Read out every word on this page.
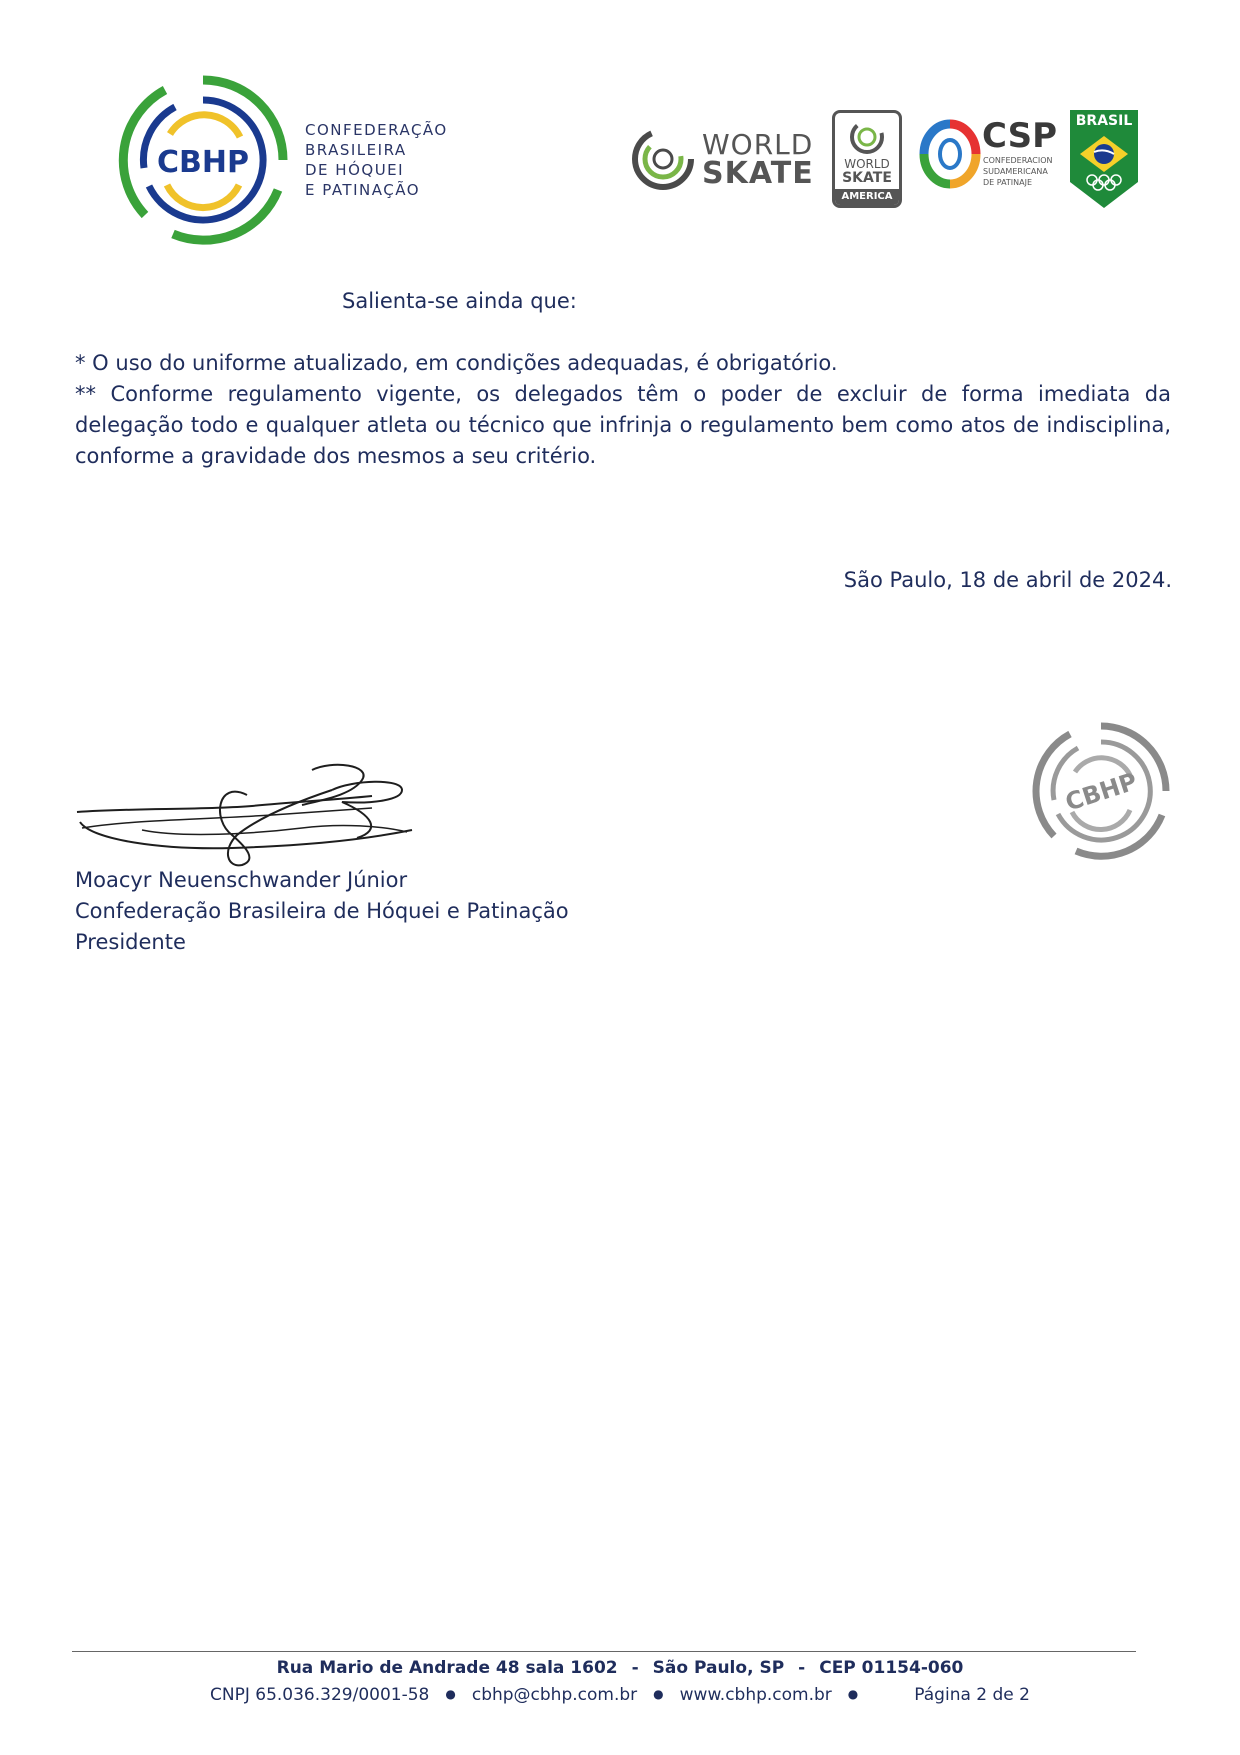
CBHP
CONFEDERAÇÃO
BRASILEIRA
DE HÓQUEI
E PATINAÇÃO
WORLD
SKATE	WORLD
SKATE
AMERICA
CSP
CONFEDERACION
SUDAMERICANA
DE PATINAJE
BRASIL
Salienta-se ainda que:
* O uso do uniforme atualizado, em condições adequadas, é obrigatório.
** Conforme regulamento vigente, os delegados têm o poder de excluir de forma imediata da delegação todo e qualquer atleta ou técnico que infrinja o regulamento bem como atos de indisciplina, conforme a gravidade dos mesmos a seu critério.
São Paulo, 18 de abril de 2024.
Moacyr Neuenschwander Júnior
Confederação Brasileira de Hóquei e Patinação
Presidente
CBHP
Rua Mario de Andrade 48 sala 1602 - São Paulo, SP - CEP 01154-060
CNPJ 65.036.329/0001-58 ● cbhp@cbhp.com.br ● www.cbhp.com.br ●	Página 2 de 2
